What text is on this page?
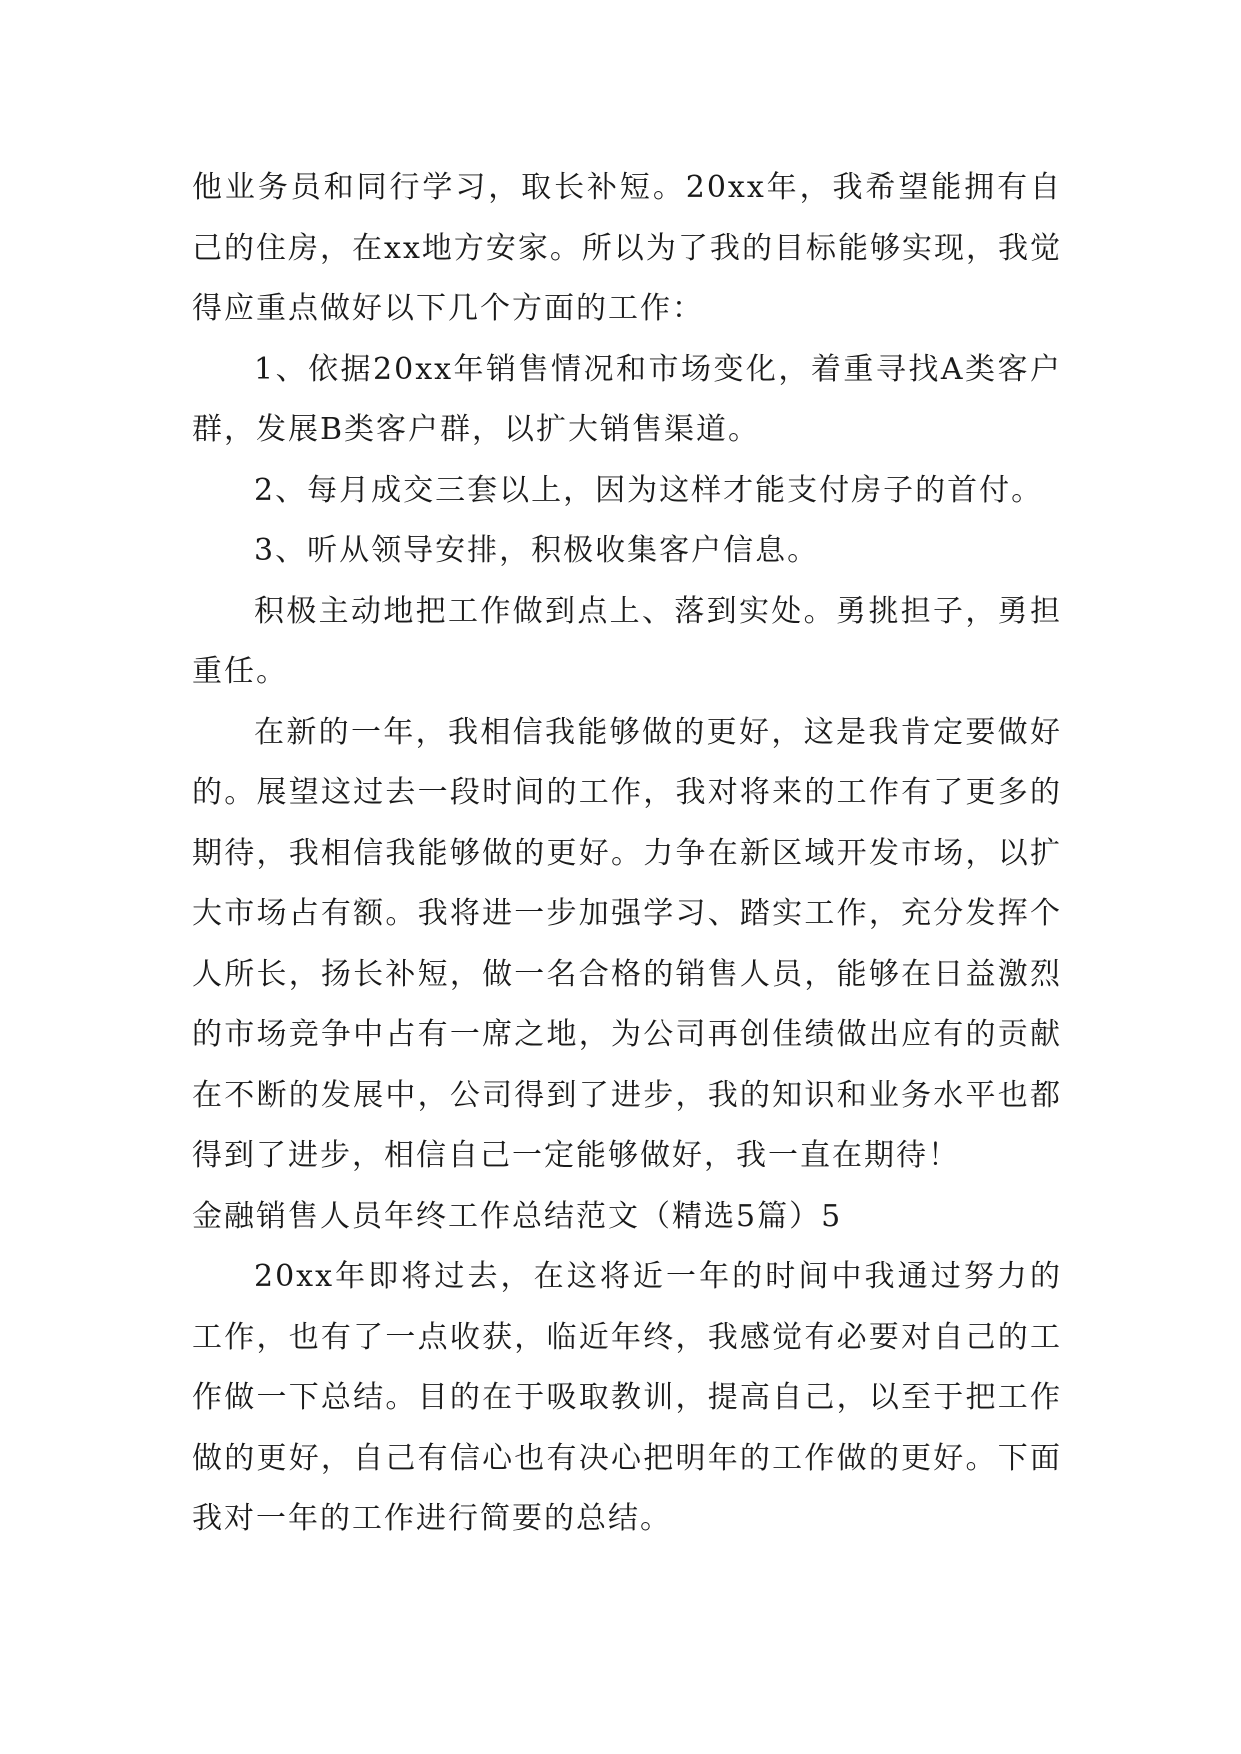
他业务员和同行学习，取长补短。20xx年，我希望能拥有自己的住房，在xx地方安家。所以为了我的目标能够实现，我觉得应重点做好以下几个方面的工作：

1、依据20xx年销售情况和市场变化，着重寻找A类客户群，发展B类客户群，以扩大销售渠道。

2、每月成交三套以上，因为这样才能支付房子的首付。

3、听从领导安排，积极收集客户信息。

积极主动地把工作做到点上、落到实处。勇挑担子，勇担重任。

在新的一年，我相信我能够做的更好，这是我肯定要做好的。展望这过去一段时间的工作，我对将来的工作有了更多的期待，我相信我能够做的更好。力争在新区域开发市场，以扩大市场占有额。我将进一步加强学习、踏实工作，充分发挥个人所长，扬长补短，做一名合格的销售人员，能够在日益激烈的市场竞争中占有一席之地，为公司再创佳绩做出应有的贡献在不断的发展中，公司得到了进步，我的知识和业务水平也都得到了进步，相信自己一定能够做好，我一直在期待！

金融销售人员年终工作总结范文（精选5篇）5

20xx年即将过去，在这将近一年的时间中我通过努力的工作，也有了一点收获，临近年终，我感觉有必要对自己的工作做一下总结。目的在于吸取教训，提高自己，以至于把工作做的更好，自己有信心也有决心把明年的工作做的更好。下面我对一年的工作进行简要的总结。
